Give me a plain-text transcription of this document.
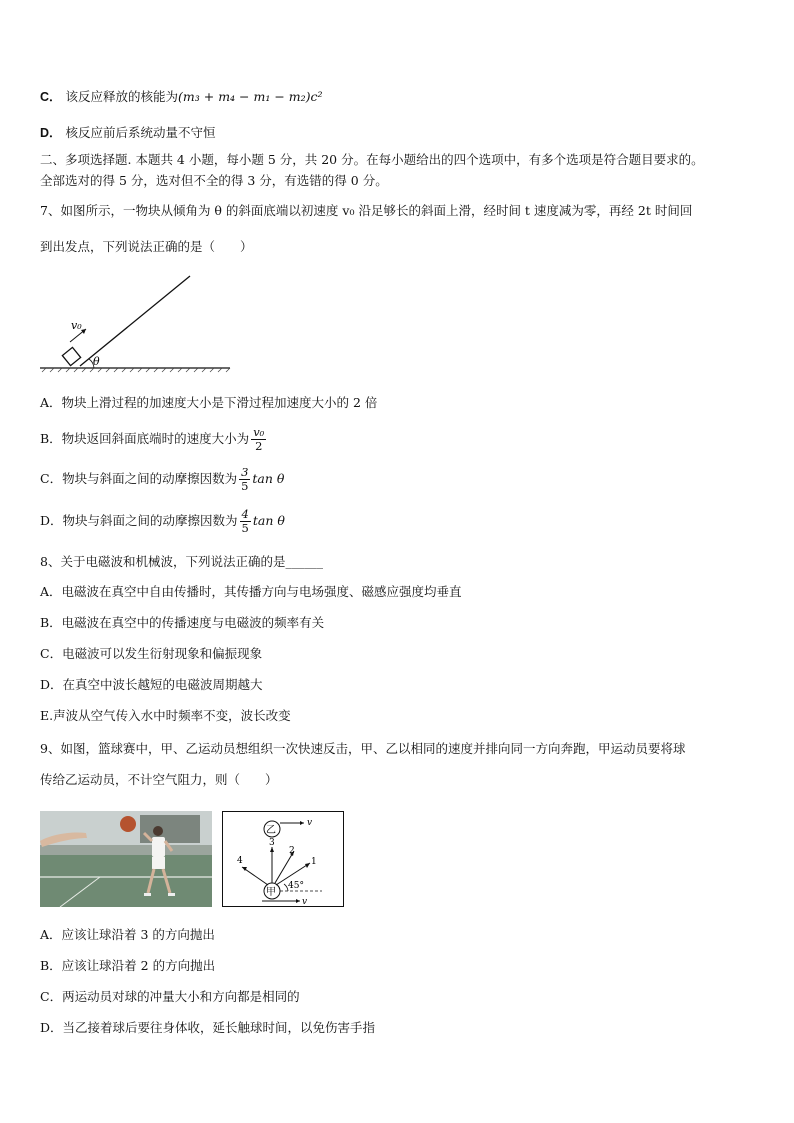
C． 该反应释放的核能为(m₃ + m₄ − m₁ − m₂)c²
D． 核反应前后系统动量不守恒
二、多项选择题. 本题共 4 小题，每小题 5 分，共 20 分。在每小题给出的四个选项中，有多个选项是符合题目要求的。
全部选对的得 5 分，选对但不全的得 3 分，有选错的得 0 分。
7、如图所示，一物块从倾角为 θ 的斜面底端以初速度 v₀ 沿足够长的斜面上滑，经时间 t 速度减为零，再经 2t 时间回
到出发点，下列说法正确的是（　　）
v₀
θ
A．物块上滑过程的加速度大小是下滑过程加速度大小的 2 倍
B．物块返回斜面底端时的速度大小为 $\frac{\text{v₀}}{2}$
C．物块与斜面之间的动摩擦因数为 $\frac{3}{5}$ tan θ
D．物块与斜面之间的动摩擦因数为 $\frac{4}{5}$ tan θ
8、关于电磁波和机械波，下列说法正确的是______
A．电磁波在真空中自由传播时，其传播方向与电场强度、磁感应强度均垂直
B．电磁波在真空中的传播速度与电磁波的频率有关
C．电磁波可以发生衍射现象和偏振现象
D．在真空中波长越短的电磁波周期越大
E.声波从空气传入水中时频率不变，波长改变
9、如图，篮球赛中，甲、乙运动员想组织一次快速反击，甲、乙以相同的速度并排向同一方向奔跑，甲运动员要将球
传给乙运动员，不计空气阻力，则（　　）
乙
v
甲
v
1
2
3
4
45°
A．应该让球沿着 3 的方向抛出
B．应该让球沿着 2 的方向抛出
C．两运动员对球的冲量大小和方向都是相同的
D．当乙接着球后要往身体收，延长触球时间，以免伤害手指
